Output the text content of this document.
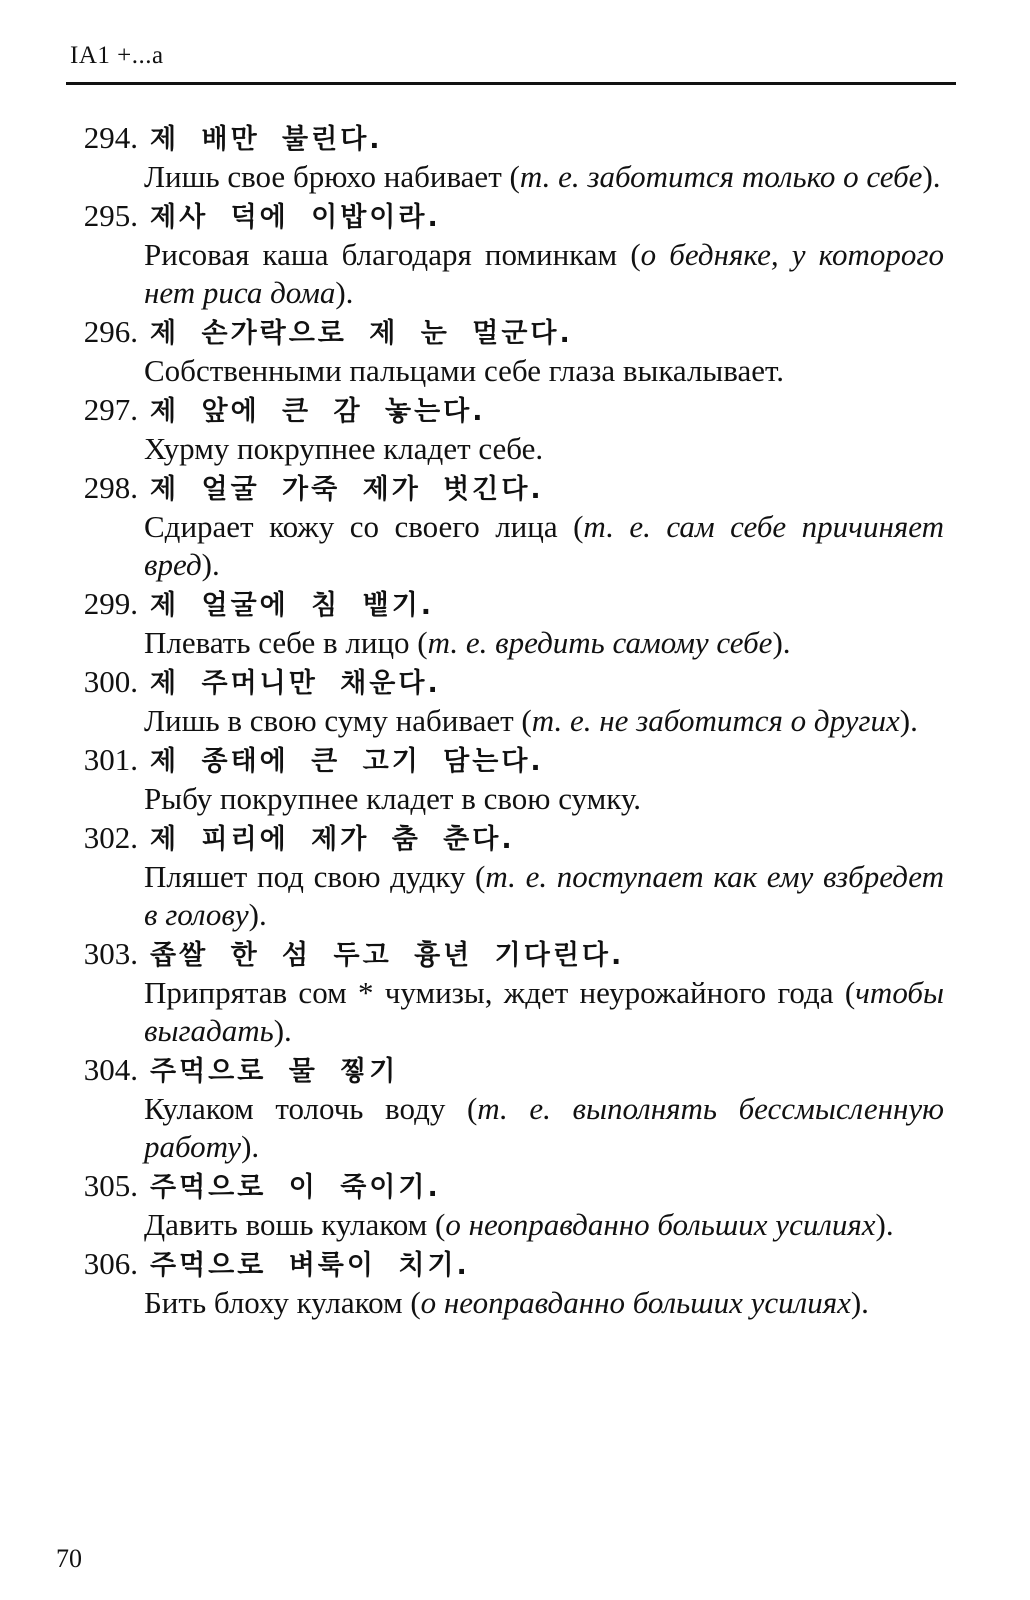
IA1 +...a
294. 제 배만 불린다.
Лишь свое брюхо набивает (т. е. заботится только о себе).
295. 제사 덕에 이밥이라.
Рисовая каша благодаря поминкам (о бедняке, у которого нет риса дома).
296. 제 손가락으로 제 눈 멀군다.
Собственными пальцами себе глаза выкалывает.
297. 제 앞에 큰 감 놓는다.
Хурму покрупнее кладет себе.
298. 제 얼굴 가죽 제가 벗긴다.
Сдирает кожу со своего лица (т. е. сам себе причиняет вред).
299. 제 얼굴에 침 뱉기.
Плевать себе в лицо (т. е. вредить самому себе).
300. 제 주머니만 채운다.
Лишь в свою суму набивает (т. е. не заботится о других).
301. 제 종태에 큰 고기 담는다.
Рыбу покрупнее кладет в свою сумку.
302. 제 피리에 제가 춤 춘다.
Пляшет под свою дудку (т. е. поступает как ему взбредет в голову).
303. 좁쌀 한 섬 두고 흉년 기다린다.
Припрятав сом * чумизы, ждет неурожайного года (чтобы выгадать).
304. 주먹으로 물 찧기
Кулаком толочь воду (т. е. выполнять бессмысленную работу).
305. 주먹으로 이 죽이기.
Давить вошь кулаком (о неоправданно больших усилиях).
306. 주먹으로 벼룩이 치기.
Бить блоху кулаком (о неоправданно больших усилиях).
70
